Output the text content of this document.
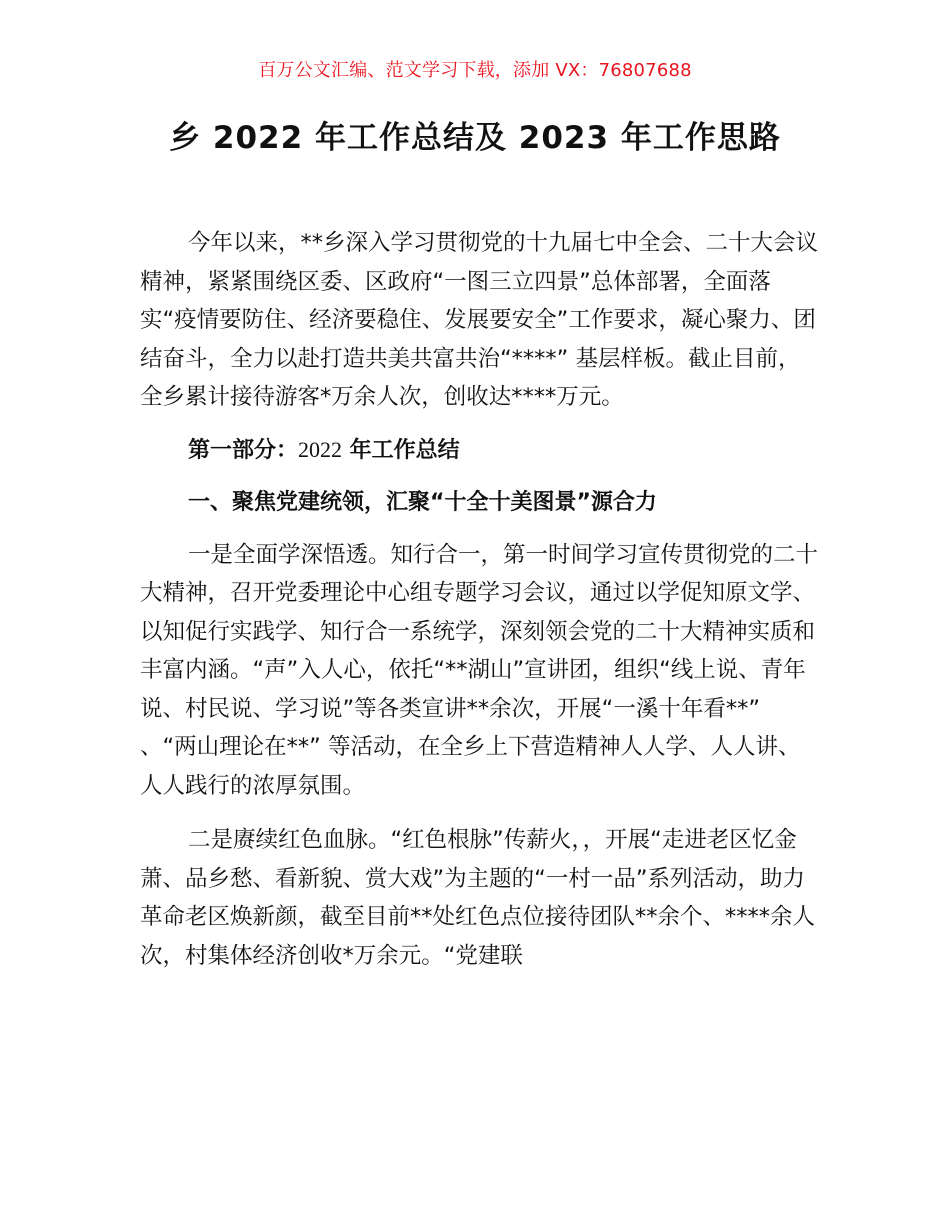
百万公文汇编、范文学习下载，添加 VX：76807688
乡 2022 年工作总结及 2023 年工作思路

今年以来，**乡深入学习贯彻党的十九届七中全会、二十大会议精神，紧紧围绕区委、区政府“一图三立四景”总体部署，全面落实“疫情要防住、经济要稳住、发展要安全”工作要求，凝心聚力、团结奋斗，全力以赴打造共美共富共治“****” 基层样板。截止目前，全乡累计接待游客*万余人次，创收达****万元。

第一部分：2022 年工作总结

一、聚焦党建统领，汇聚“十全十美图景”源合力

一是全面学深悟透。知行合一，第一时间学习宣传贯彻党的二十大精神，召开党委理论中心组专题学习会议，通过以学促知原文学、以知促行实践学、知行合一系统学，深刻领会党的二十大精神实质和丰富内涵。“声”入人心，依托“**湖山”宣讲团，组织“线上说、青年说、村民说、学习说”等各类宣讲**余次，开展“一溪十年看**” 、“两山理论在**” 等活动，在全乡上下营造精神人人学、人人讲、人人践行的浓厚氛围。

二是赓续红色血脉。“红色根脉”传薪火，，开展“走进老区忆金萧、品乡愁、看新貌、赏大戏”为主题的“一村一品”系列活动，助力革命老区焕新颜，截至目前**处红色点位接待团队**余个、****余人次，村集体经济创收*万余元。“党建联
